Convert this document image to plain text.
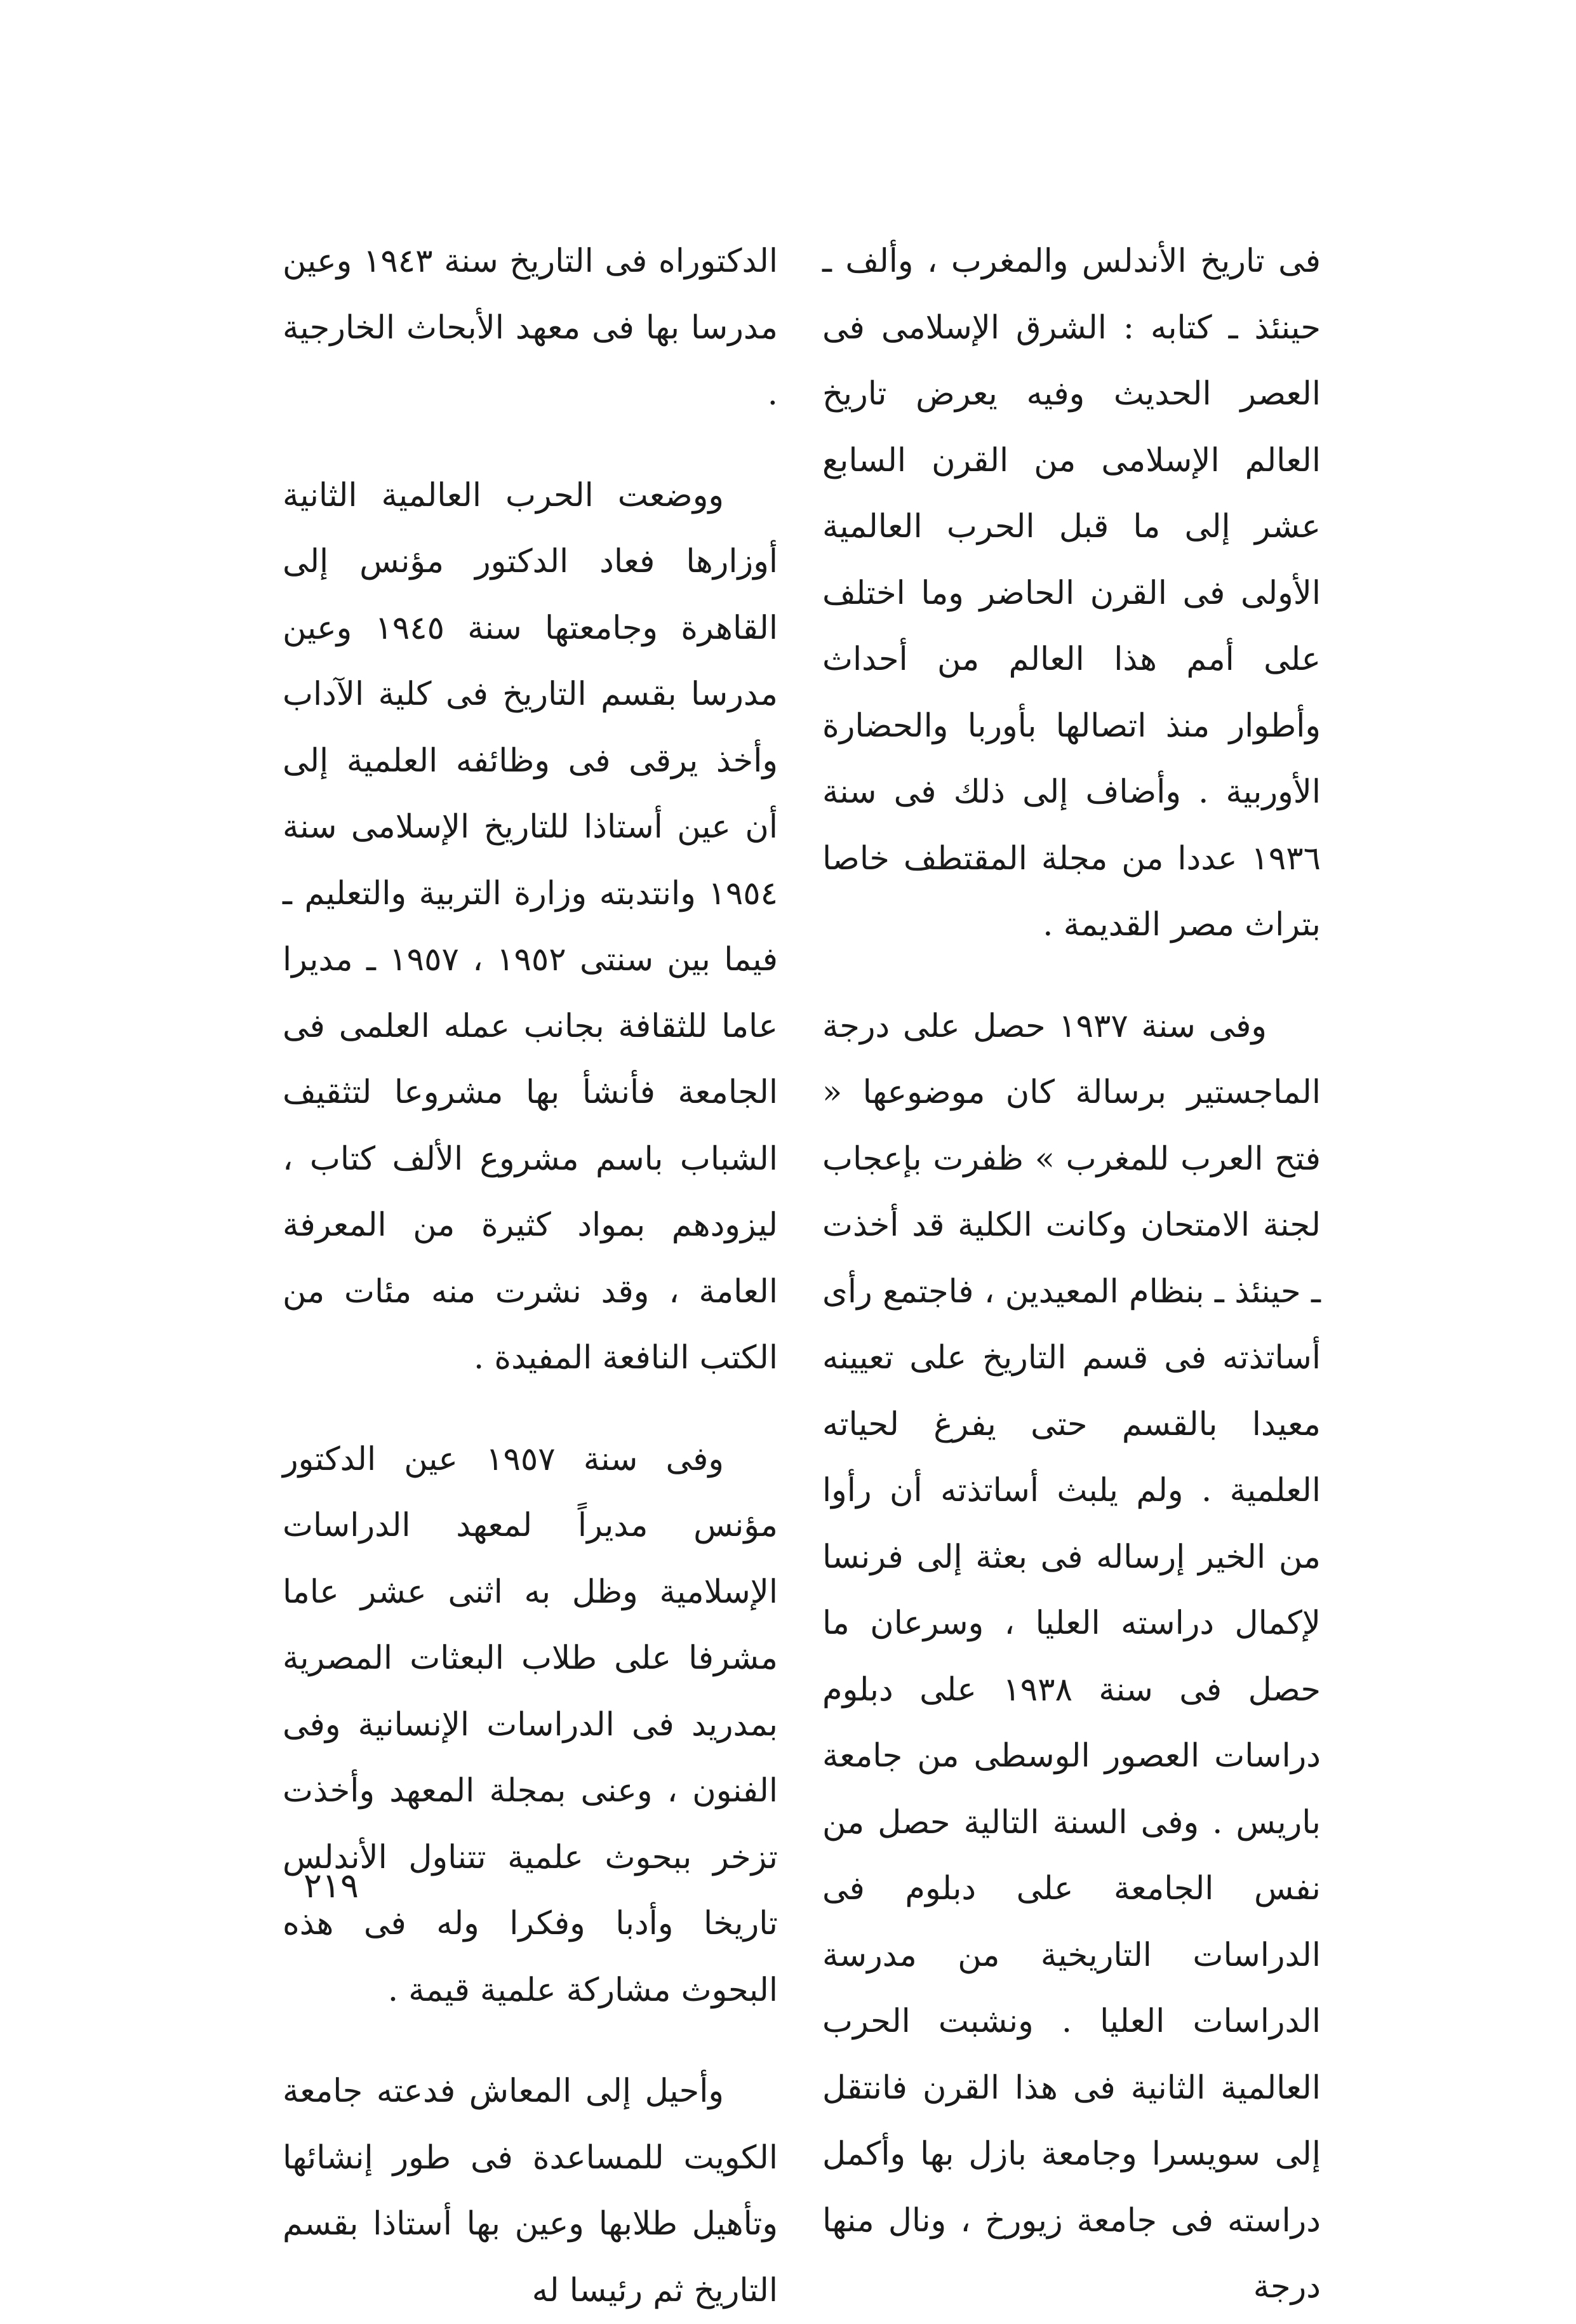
فى تاريخ الأندلس والمغرب ، وألف ـ حينئذ ـ كتابه : الشرق الإسلامى فى العصر الحديث وفيه يعرض تاريخ العالم الإسلامى من القرن السابع عشر إلى ما قبل الحرب العالمية الأولى فى القرن الحاضر وما اختلف على أمم هذا العالم من أحداث وأطوار منذ اتصالها بأوربا والحضارة الأوربية . وأضاف إلى ذلك فى سنة ١٩٣٦ عددا من مجلة المقتطف خاصا بتراث مصر القديمة .

وفى سنة ١٩٣٧ حصل على درجة الماجستير برسالة كان موضوعها « فتح العرب للمغرب » ظفرت بإعجاب لجنة الامتحان وكانت الكلية قد أخذت ـ حينئذ ـ بنظام المعيدين ، فاجتمع رأى أساتذته فى قسم التاريخ على تعيينه معيدا بالقسم حتى يفرغ لحياته العلمية . ولم يلبث أساتذته أن رأوا من الخير إرساله فى بعثة إلى فرنسا لإكمال دراسته العليا ، وسرعان ما حصل فى سنة ١٩٣٨ على دبلوم دراسات العصور الوسطى من جامعة باريس . وفى السنة التالية حصل من نفس الجامعة على دبلوم فى الدراسات التاريخية من مدرسة الدراسات العليا . ونشبت الحرب العالمية الثانية فى هذا القرن فانتقل إلى سويسرا وجامعة بازل بها وأكمل دراسته فى جامعة زيورخ ، ونال منها درجة

الدكتوراه فى التاريخ سنة ١٩٤٣ وعين مدرسا بها فى معهد الأبحاث الخارجية .

ووضعت الحرب العالمية الثانية أوزارها فعاد الدكتور مؤنس إلى القاهرة وجامعتها سنة ١٩٤٥ وعين مدرسا بقسم التاريخ فى كلية الآداب وأخذ يرقى فى وظائفه العلمية إلى أن عين أستاذا للتاريخ الإسلامى سنة ١٩٥٤ وانتدبته وزارة التربية والتعليم ـ فيما بين سنتى ١٩٥٢ ، ١٩٥٧ ـ مديرا عاما للثقافة بجانب عمله العلمى فى الجامعة فأنشأ بها مشروعا لتثقيف الشباب باسم مشروع الألف كتاب ، ليزودهم بمواد كثيرة من المعرفة العامة ، وقد نشرت منه مئات من الكتب النافعة المفيدة .

وفى سنة ١٩٥٧ عين الدكتور مؤنس مديراً لمعهد الدراسات الإسلامية وظل به اثنى عشر عاما مشرفا على طلاب البعثات المصرية بمدريد فى الدراسات الإنسانية وفى الفنون ، وعنى بمجلة المعهد وأخذت تزخر ببحوث علمية تتناول الأندلس تاريخا وأدبا وفكرا وله فى هذه البحوث مشاركة علمية قيمة .

وأحيل إلى المعاش فدعته جامعة الكويت للمساعدة فى طور إنشائها وتأهيل طلابها وعين بها أستاذا بقسم التاريخ ثم رئيسا له

٢١٩
